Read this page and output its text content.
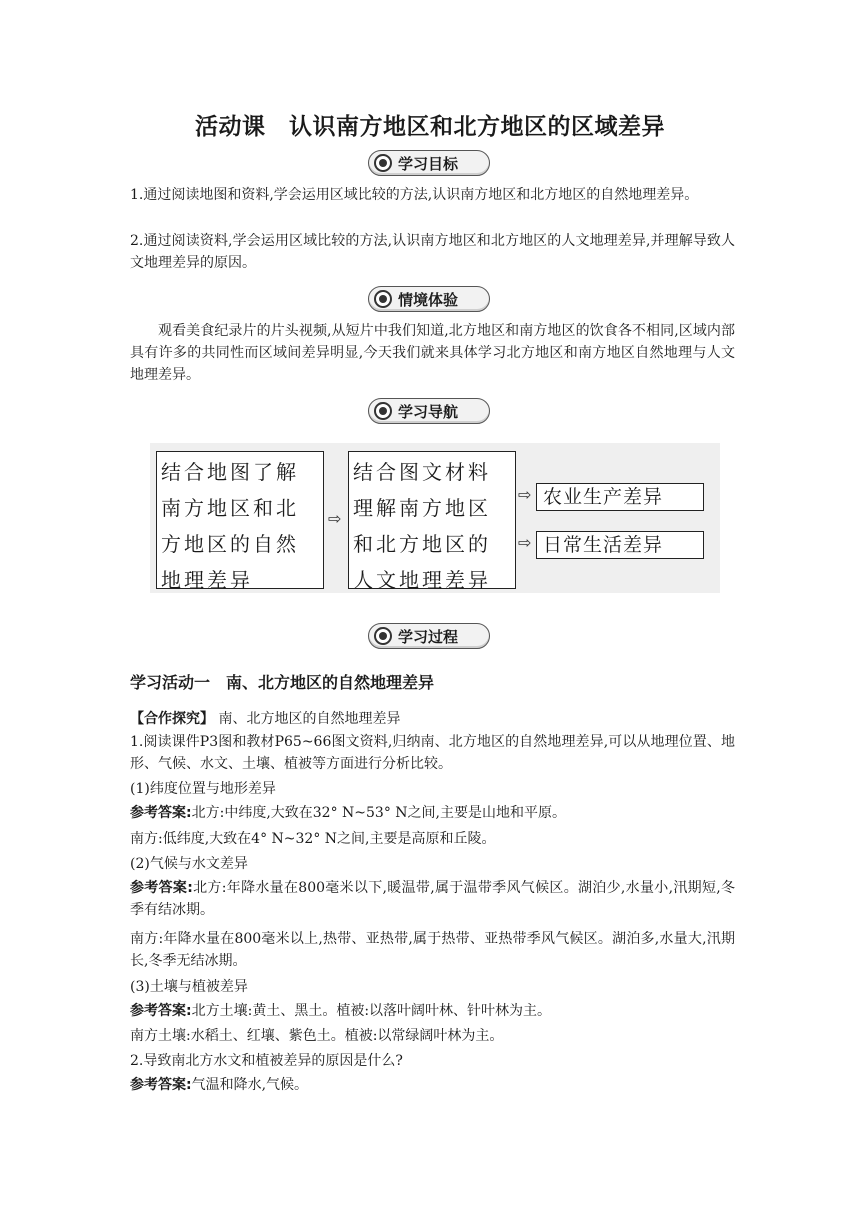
活动课　认识南方地区和北方地区的区域差异
学习目标
1.通过阅读地图和资料,学会运用区域比较的方法,认识南方地区和北方地区的自然地理差异。
2.通过阅读资料,学会运用区域比较的方法,认识南方地区和北方地区的人文地理差异,并理解导致人文地理差异的原因。
情境体验
观看美食纪录片的片头视频,从短片中我们知道,北方地区和南方地区的饮食各不相同,区域内部具有许多的共同性而区域间差异明显,今天我们就来具体学习北方地区和南方地区自然地理与人文地理差异。
学习导航
结合地图了解南方地区和北方地区的自然地理差异
⇨
结合图文材料理解南方地区和北方地区的人文地理差异
⇨ 农业生产差异
⇨ 日常生活差异
学习过程
学习活动一　南、北方地区的自然地理差异
【合作探究】 南、北方地区的自然地理差异
1.阅读课件P3图和教材P65~66图文资料,归纳南、北方地区的自然地理差异,可以从地理位置、地形、气候、水文、土壤、植被等方面进行分析比较。
(1)纬度位置与地形差异
参考答案:北方:中纬度,大致在32° N~53° N之间,主要是山地和平原。
南方:低纬度,大致在4° N~32° N之间,主要是高原和丘陵。
(2)气候与水文差异
参考答案:北方:年降水量在800毫米以下,暖温带,属于温带季风气候区。湖泊少,水量小,汛期短,冬季有结冰期。
南方:年降水量在800毫米以上,热带、亚热带,属于热带、亚热带季风气候区。湖泊多,水量大,汛期长,冬季无结冰期。
(3)土壤与植被差异
参考答案:北方土壤:黄土、黑土。植被:以落叶阔叶林、针叶林为主。
南方土壤:水稻土、红壤、紫色土。植被:以常绿阔叶林为主。
2.导致南北方水文和植被差异的原因是什么?
参考答案:气温和降水,气候。
